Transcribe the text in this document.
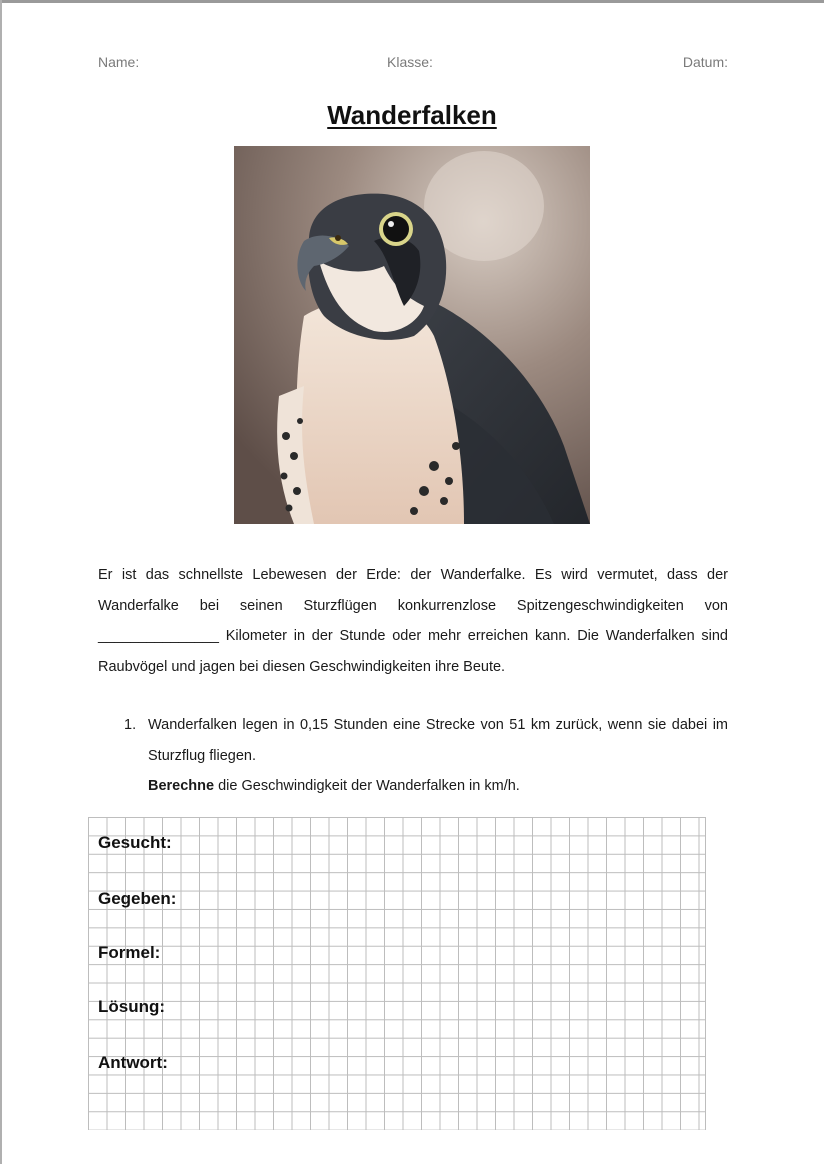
Name:	Klasse:	Datum:
Wanderfalken
Er ist das schnellste Lebewesen der Erde: der Wanderfalke. Es wird vermutet, dass der Wanderfalke bei seinen Sturzflügen konkurrenzlose Spitzengeschwindigkeiten von _______________ Kilometer in der Stunde oder mehr erreichen kann. Die Wanderfalken sind Raubvögel und jagen bei diesen Geschwindigkeiten ihre Beute.
1. Wanderfalken legen in 0,15 Stunden eine Strecke von 51 km zurück, wenn sie dabei im Sturzflug fliegen.
Berechne die Geschwindigkeit der Wanderfalken in km/h.
Gesucht:
Gegeben:
Formel:
Lösung:
Antwort:
